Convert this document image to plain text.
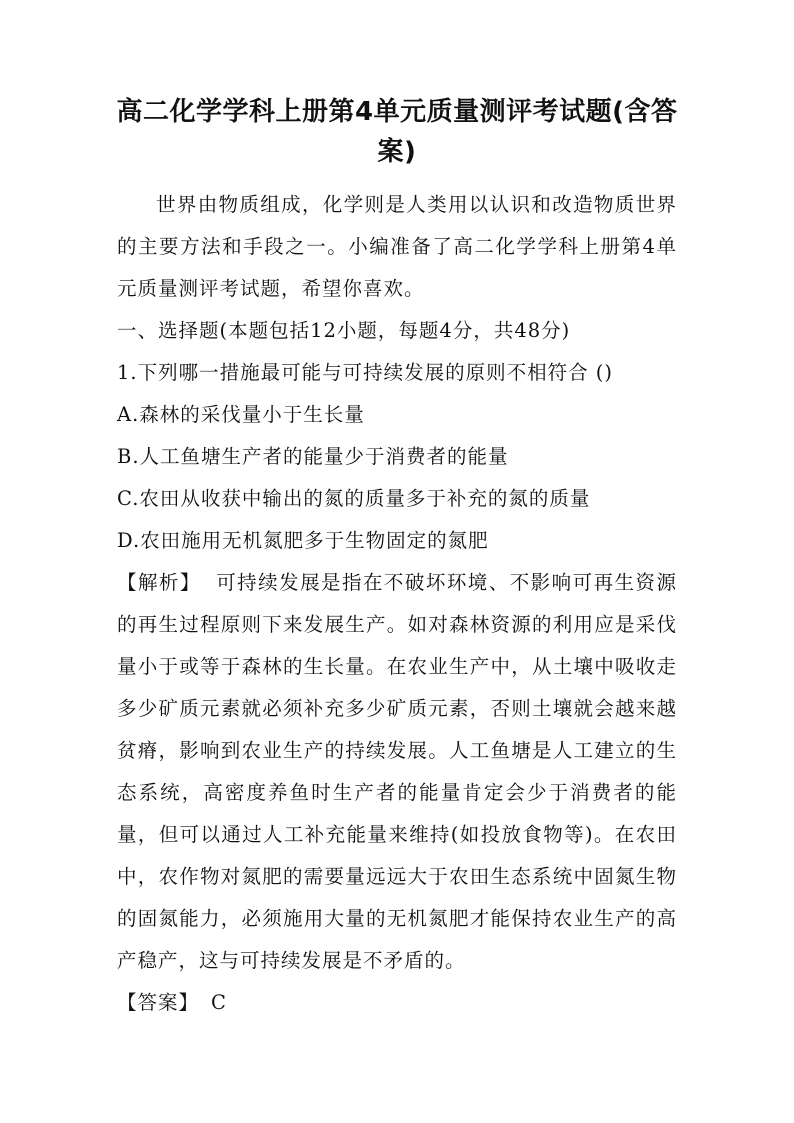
高二化学学科上册第4单元质量测评考试题(含答案)

世界由物质组成，化学则是人类用以认识和改造物质世界的主要方法和手段之一。小编准备了高二化学学科上册第4单元质量测评考试题，希望你喜欢。

一、选择题(本题包括12小题，每题4分，共48分)

1.下列哪一措施最可能与可持续发展的原则不相符合 ()

A.森林的采伐量小于生长量

B.人工鱼塘生产者的能量少于消费者的能量

C.农田从收获中输出的氮的质量多于补充的氮的质量

D.农田施用无机氮肥多于生物固定的氮肥

【解析】 可持续发展是指在不破坏环境、不影响可再生资源的再生过程原则下来发展生产。如对森林资源的利用应是采伐量小于或等于森林的生长量。在农业生产中，从土壤中吸收走多少矿质元素就必须补充多少矿质元素，否则土壤就会越来越贫瘠，影响到农业生产的持续发展。人工鱼塘是人工建立的生态系统，高密度养鱼时生产者的能量肯定会少于消费者的能量，但可以通过人工补充能量来维持(如投放食物等)。在农田中，农作物对氮肥的需要量远远大于农田生态系统中固氮生物的固氮能力，必须施用大量的无机氮肥才能保持农业生产的高产稳产，这与可持续发展是不矛盾的。

【答案】 C
